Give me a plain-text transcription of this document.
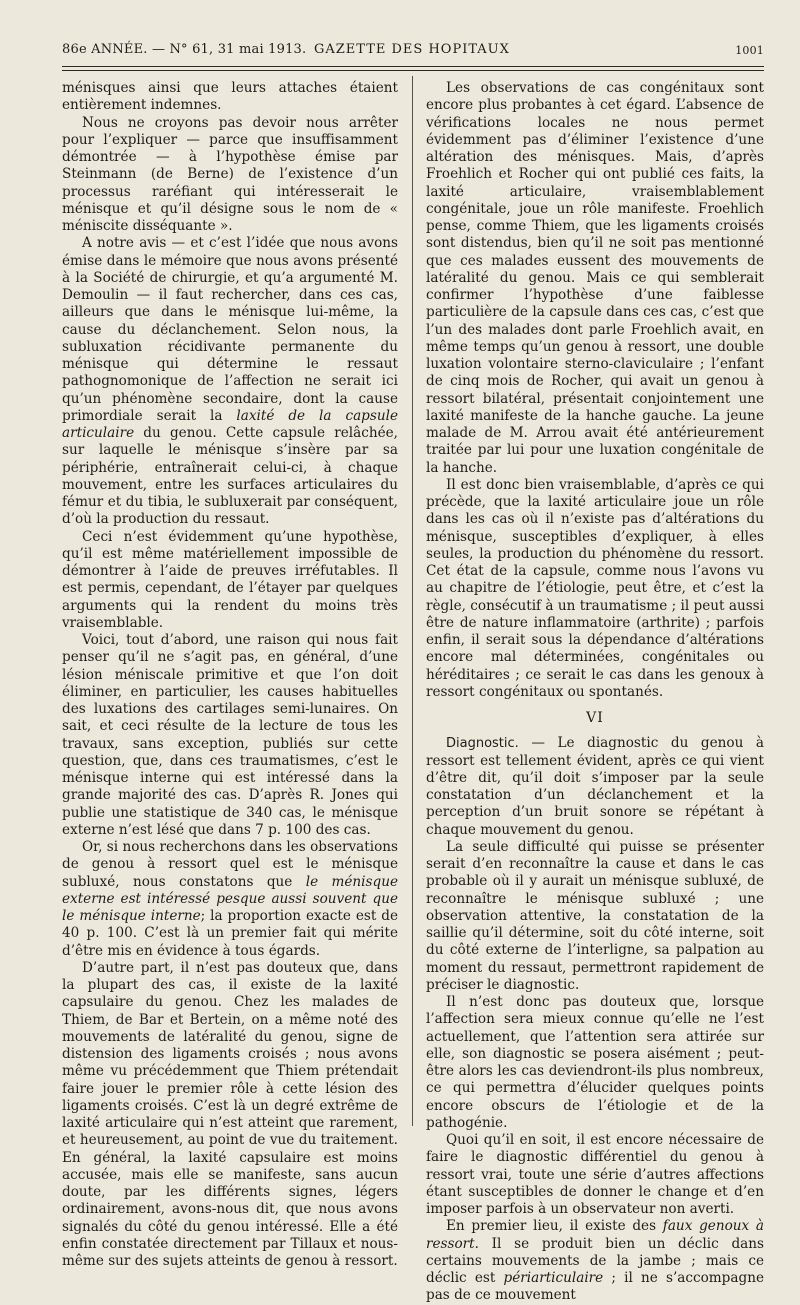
86e ANNÉE. — N° 61, 31 mai 1913. GAZETTE DES HOPITAUX	1001

ménisques ainsi que leurs attaches étaient entièrement indemnes.

Nous ne croyons pas devoir nous arrêter pour l’expliquer — parce que insuffisamment démontrée — à l’hypothèse émise par Steinmann (de Berne) de l’existence d’un processus raréfiant qui intéresserait le ménisque et qu’il désigne sous le nom de « méniscite disséquante ».

A notre avis — et c’est l’idée que nous avons émise dans le mémoire que nous avons présenté à la Société de chirurgie, et qu’a argumenté M. Demoulin — il faut rechercher, dans ces cas, ailleurs que dans le ménisque lui-même, la cause du déclanchement. Selon nous, la subluxation récidivante permanente du ménisque qui détermine le ressaut pathognomonique de l’affection ne serait ici qu’un phénomène secondaire, dont la cause primordiale serait la laxité de la capsule articulaire du genou. Cette capsule relâchée, sur laquelle le ménisque s’insère par sa périphérie, entraînerait celui-ci, à chaque mouvement, entre les surfaces articulaires du fémur et du tibia, le subluxerait par conséquent, d’où la production du ressaut.

Ceci n’est évidemment qu’une hypothèse, qu’il est même matériellement impossible de démontrer à l’aide de preuves irréfutables. Il est permis, cependant, de l’étayer par quelques arguments qui la rendent du moins très vraisemblable.

Voici, tout d’abord, une raison qui nous fait penser qu’il ne s’agit pas, en général, d’une lésion méniscale primitive et que l’on doit éliminer, en particulier, les causes habituelles des luxations des cartilages semi-lunaires. On sait, et ceci résulte de la lecture de tous les travaux, sans exception, publiés sur cette question, que, dans ces traumatismes, c’est le ménisque interne qui est intéressé dans la grande majorité des cas. D’après R. Jones qui publie une statistique de 340 cas, le ménisque externe n’est lésé que dans 7 p. 100 des cas.

Or, si nous recherchons dans les observations de genou à ressort quel est le ménisque subluxé, nous constatons que le ménisque externe est intéressé pesque aussi souvent que le ménisque interne; la proportion exacte est de 40 p. 100. C’est là un premier fait qui mérite d’être mis en évidence à tous égards.

D’autre part, il n’est pas douteux que, dans la plupart des cas, il existe de la laxité capsulaire du genou. Chez les malades de Thiem, de Bar et Bertein, on a même noté des mouvements de latéralité du genou, signe de distension des ligaments croisés ; nous avons même vu précédemment que Thiem prétendait faire jouer le premier rôle à cette lésion des ligaments croisés. C’est là un degré extrême de laxité articulaire qui n’est atteint que rarement, et heureusement, au point de vue du traitement. En général, la laxité capsulaire est moins accusée, mais elle se manifeste, sans aucun doute, par les différents signes, légers ordinairement, avons-nous dit, que nous avons signalés du côté du genou intéressé. Elle a été enfin constatée directement par Tillaux et nous-même sur des sujets atteints de genou à ressort.

Les observations de cas congénitaux sont encore plus probantes à cet égard. L’absence de vérifications locales ne nous permet évidemment pas d’éliminer l’existence d’une altération des ménisques. Mais, d’après Froehlich et Rocher qui ont publié ces faits, la laxité articulaire, vraisemblablement congénitale, joue un rôle manifeste. Froehlich pense, comme Thiem, que les ligaments croisés sont distendus, bien qu’il ne soit pas mentionné que ces malades eussent des mouvements de latéralité du genou. Mais ce qui semblerait confirmer l’hypothèse d’une faiblesse particulière de la capsule dans ces cas, c’est que l’un des malades dont parle Froehlich avait, en même temps qu’un genou à ressort, une double luxation volontaire sterno-claviculaire ; l’enfant de cinq mois de Rocher, qui avait un genou à ressort bilatéral, présentait conjointement une laxité manifeste de la hanche gauche. La jeune malade de M. Arrou avait été antérieurement traitée par lui pour une luxation congénitale de la hanche.

Il est donc bien vraisemblable, d’après ce qui précède, que la laxité articulaire joue un rôle dans les cas où il n’existe pas d’altérations du ménisque, susceptibles d’expliquer, à elles seules, la production du phénomène du ressort. Cet état de la capsule, comme nous l’avons vu au chapitre de l’étiologie, peut être, et c’est la règle, consécutif à un traumatisme ; il peut aussi être de nature inflammatoire (arthrite) ; parfois enfin, il serait sous la dépendance d’altérations encore mal déterminées, congénitales ou héréditaires ; ce serait le cas dans les genoux à ressort congénitaux ou spontanés.

VI

Diagnostic. — Le diagnostic du genou à ressort est tellement évident, après ce qui vient d’être dit, qu’il doit s’imposer par la seule constatation d’un déclanchement et la perception d’un bruit sonore se répétant à chaque mouvement du genou.

La seule difficulté qui puisse se présenter serait d’en reconnaître la cause et dans le cas probable où il y aurait un ménisque subluxé, de reconnaître le ménisque subluxé ; une observation attentive, la constatation de la saillie qu’il détermine, soit du côté interne, soit du côté externe de l’interligne, sa palpation au moment du ressaut, permettront rapidement de préciser le diagnostic.

Il n’est donc pas douteux que, lorsque l’affection sera mieux connue qu’elle ne l’est actuellement, que l’attention sera attirée sur elle, son diagnostic se posera aisément ; peut-être alors les cas deviendront-ils plus nombreux, ce qui permettra d’élucider quelques points encore obscurs de l’étiologie et de la pathogénie.

Quoi qu’il en soit, il est encore nécessaire de faire le diagnostic différentiel du genou à ressort vrai, toute une série d’autres affections étant susceptibles de donner le change et d’en imposer parfois à un observateur non averti.

En premier lieu, il existe des faux genoux à ressort. Il se produit bien un déclic dans certains mouvements de la jambe ; mais ce déclic est périarticulaire ; il ne s’accompagne pas de ce mouvement
